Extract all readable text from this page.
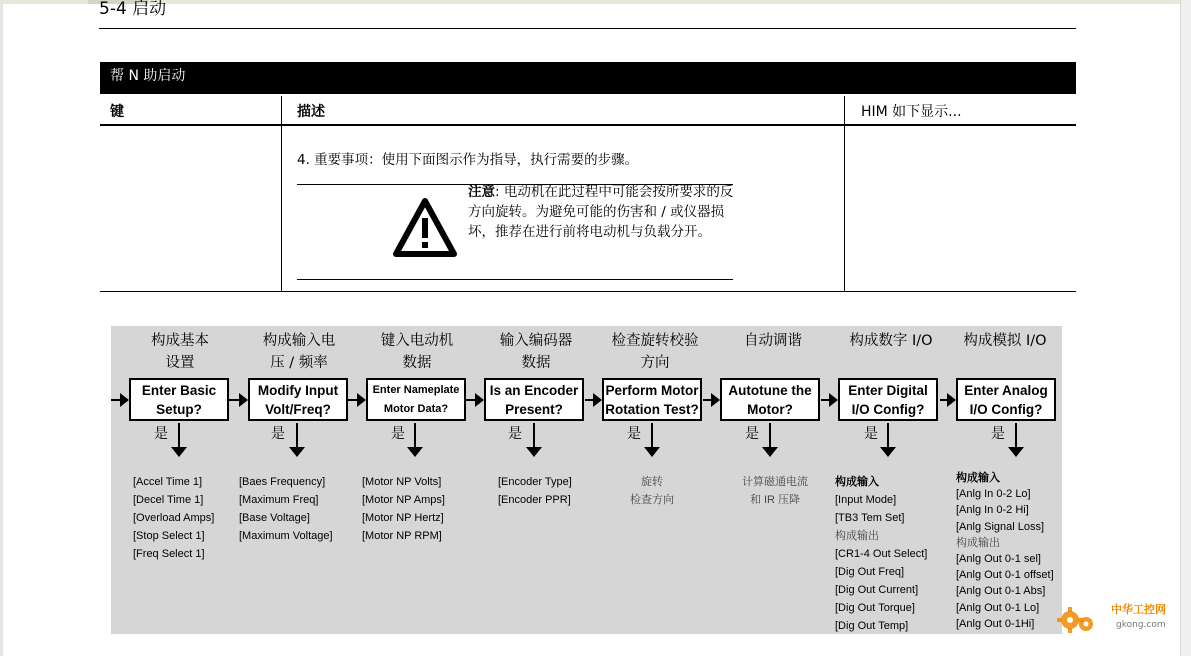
5-4 启动
帮 N 助启动
键	描述	HIM 如下显示...
4. 重要事项：使用下面图示作为指导，执行需要的步骤。
注意: 电动机在此过程中可能会按所要求的反方向旋转。为避免可能的伤害和 / 或仪器损坏，推荐在进行前将电动机与负载分开。
构成基本
设置
构成输入电
压 / 频率
键入电动机
数据
输入编码器
数据
检查旋转校验
方向
自动调谐	构成数字 I/O	构成模拟 I/O
Enter Basic Setup?
Modify Input Volt/Freq?
Enter Nameplate Motor Data?
Is an Encoder Present?
Perform Motor Rotation Test?
Autotune the Motor?
Enter Digital I/O Config?
Enter Analog I/O Config?
是	是	是	是	是	是	是	是
[Accel Time 1]
[Decel Time 1]
[Overload Amps]
[Stop Select 1]
[Freq Select 1]
[Baes Frequency]
[Maximum Freq]
[Base Voltage]
[Maximum Voltage]
[Motor NP Volts]
[Motor NP Amps]
[Motor NP Hertz]
[Motor NP RPM]
[Encoder Type]
[Encoder PPR]
旋转
检查方向
计算磁通电流
和 IR 压降
构成输入
[Input Mode]
[TB3 Tem Set]
构成输出
[CR1-4 Out Select]
[Dig Out Freq]
[Dig Out Current]
[Dig Out Torque]
[Dig Out Temp]
构成输入
[Anlg In 0-2 Lo]
[Anlg In 0-2 Hi]
[Anlg Signal Loss]
构成输出
[Anlg Out 0-1 sel]
[Anlg Out 0-1 offset]
[Anlg Out 0-1 Abs]
[Anlg Out 0-1 Lo]
[Anlg Out 0-1Hi]
中华工控网
gkong.com
